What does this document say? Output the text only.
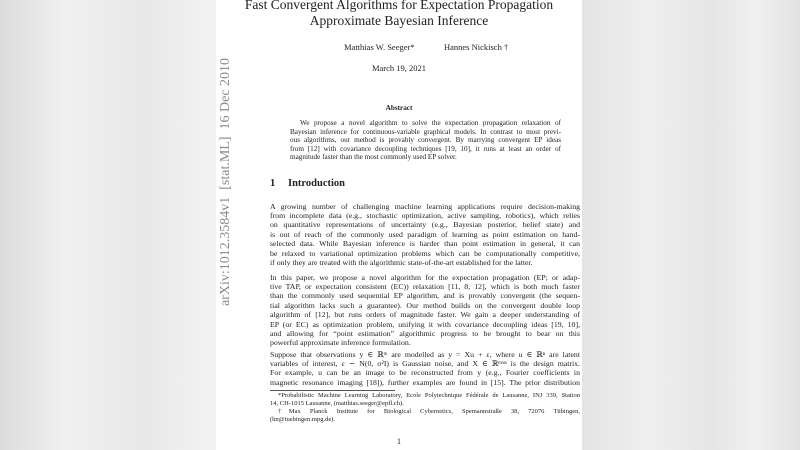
Fast Convergent Algorithms for Expectation Propagation
Approximate Bayesian Inference
Matthias W. Seeger*	Hannes Nickisch †
March 19, 2021
Abstract
We propose a novel algorithm to solve the expectation propagation relaxation of
Bayesian inference for continuous-variable graphical models. In contrast to most previ-
ous algorithms, our method is provably convergent. By marrying convergent EP ideas
from [12] with covariance decoupling techniques [19, 10], it runs at least an order of
magnitude faster than the most commonly used EP solver.
1 Introduction
A growing number of challenging machine learning applications require decision-making
from incomplete data (e.g., stochastic optimization, active sampling, robotics), which relies
on quantitative representations of uncertainty (e.g., Bayesian posterior, belief state) and
is out of reach of the commonly used paradigm of learning as point estimation on hand-
selected data. While Bayesian inference is harder than point estimation in general, it can
be relaxed to variational optimization problems which can be computationally competitive,
if only they are treated with the algorithmic state-of-the-art established for the latter.
In this paper, we propose a novel algorithm for the expectation propagation (EP; or adap-
tive TAP, or expectation consistent (EC)) relaxation [11, 8, 12], which is both much faster
than the commonly used sequential EP algorithm, and is provably convergent (the sequen-
tial algorithm lacks such a guarantee). Our method builds on the convergent double loop
algorithm of [12], but runs orders of magnitude faster. We gain a deeper understanding of
EP (or EC) as optimization problem, unifying it with covariance decoupling ideas [19, 10],
and allowing for “point estimation” algorithmic progress to be brought to bear on this
powerful approximate inference formulation.
Suppose that observations y ∈ ℝᵐ are modelled as y = Xu + ε, where u ∈ ℝⁿ are latent
variables of interest, ε ∼ N(0, σ²I) is Gaussian noise, and X ∈ ℝᵐˣⁿ is the design matrix.
For example, u can be an image to be reconstructed from y (e.g., Fourier coefficients in
magnetic resonance imaging [18]), further examples are found in [15]. The prior distribution
*Probabilistic Machine Learning Laboratory, Ecole Polytechnique Fédérale de Lausanne, INJ 339, Station
14, CH-1015 Lausanne, (matthias.seeger@epfl.ch).
†Max Planck Institute for Biological Cybernetics, Spemannstraße 38, 72076 Tübingen,
(hn@tuebingen.mpg.de).
1
arXiv:1012.3584v1  [stat.ML]  16 Dec 2010
